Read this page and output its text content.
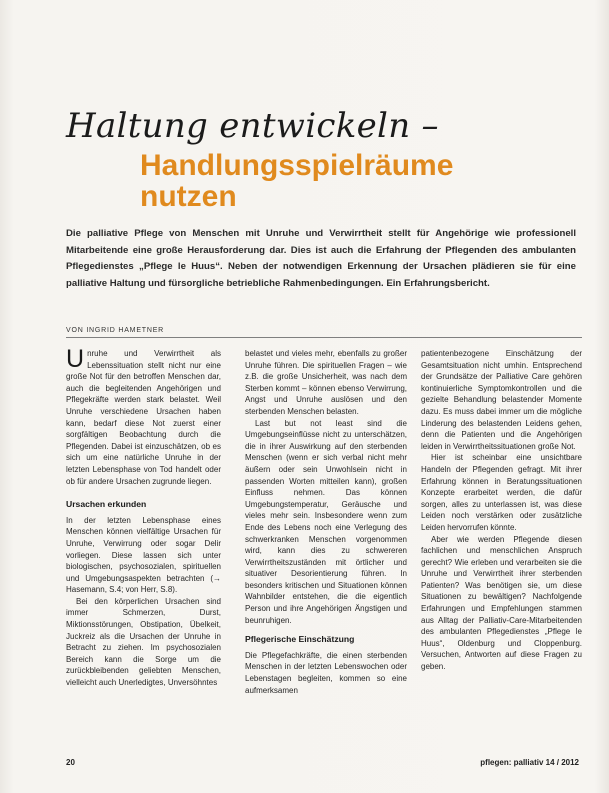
Haltung entwickeln –
Handlungsspielräume nutzen
Die palliative Pflege von Menschen mit Unruhe und Verwirrtheit stellt für Angehörige wie professionell Mitarbeitende eine große Herausforderung dar. Dies ist auch die Erfahrung der Pflegenden des ambulanten Pflegedienstes „Pflege le Huus“. Neben der notwendigen Erkennung der Ursachen plädieren sie für eine palliative Haltung und fürsorgliche betriebliche Rahmenbedingungen. Ein Erfahrungsbericht.
VON INGRID HAMETNER

Unruhe und Verwirrtheit als Lebenssituation stellt nicht nur eine große Not für den betroffen Menschen dar, auch die begleitenden Angehörigen und Pflegekräfte werden stark belastet. Weil Unruhe verschiedene Ursachen haben kann, bedarf diese Not zuerst einer sorgfältigen Beobachtung durch die Pflegenden. Dabei ist einzuschätzen, ob es sich um eine natürliche Unruhe in der letzten Lebensphase von Tod handelt oder ob für andere Ursachen zugrunde liegen.

Ursachen erkunden

In der letzten Lebensphase eines Menschen können vielfältige Ursachen für Unruhe, Verwirrung oder sogar Delir vorliegen. Diese lassen sich unter biologischen, psychosozialen, spirituellen und Umgebungsaspekten betrachten (→ Hasemann, S.4; von Herr, S.8).

Bei den körperlichen Ursachen sind immer Schmerzen, Durst, Miktionsstörungen, Obstipation, Übelkeit, Juckreiz als die Ursachen der Unruhe in Betracht zu ziehen. Im psychosozialen Bereich kann die Sorge um die zurückbleibenden geliebten Menschen, vielleicht auch Unerledigtes, Unversöhntes

belastet und vieles mehr, ebenfalls zu großer Unruhe führen. Die spirituellen Fragen – wie z.B. die große Unsicherheit, was nach dem Sterben kommt – können ebenso Verwirrung, Angst und Unruhe auslösen und den sterbenden Menschen belasten.

Last but not least sind die Umgebungseinflüsse nicht zu unterschätzen, die in ihrer Auswirkung auf den sterbenden Menschen (wenn er sich verbal nicht mehr äußern oder sein Unwohlsein nicht in passenden Worten mitteilen kann), großen Einfluss nehmen. Das können Umgebungstemperatur, Geräusche und vieles mehr sein. Insbesondere wenn zum Ende des Lebens noch eine Verlegung des schwerkranken Menschen vorgenommen wird, kann dies zu schwereren Verwirrtheitszuständen mit örtlicher und situativer Desorientierung führen. In besonders kritischen und Situationen können Wahnbilder entstehen, die die eigentlich Person und ihre Angehörigen Ängstigen und beunruhigen.

Pflegerische Einschätzung

Die Pflegefachkräfte, die einen sterbenden Menschen in der letzten Lebenswochen oder Lebenstagen begleiten, kommen so eine aufmerksamen

patientenbezogene Einschätzung der Gesamtsituation nicht umhin. Entsprechend der Grundsätze der Palliative Care gehören kontinuierliche Symptomkontrollen und die gezielte Behandlung belastender Momente dazu. Es muss dabei immer um die mögliche Linderung des belastenden Leidens gehen, denn die Patienten und die Angehörigen leiden in Verwirrtheitssituationen große Not.

Hier ist scheinbar eine unsichtbare Handeln der Pflegenden gefragt. Mit ihrer Erfahrung können in Beratungssituationen Konzepte erarbeitet werden, die dafür sorgen, alles zu unterlassen ist, was diese Leiden noch verstärken oder zusätzliche Leiden hervorrufen könnte.

Aber wie werden Pflegende diesen fachlichen und menschlichen Anspruch gerecht? Wie erleben und verarbeiten sie die Unruhe und Verwirrtheit ihrer sterbenden Patienten? Was benötigen sie, um diese Situationen zu bewältigen? Nachfolgende Erfahrungen und Empfehlungen stammen aus Alltag der Palliativ-Care-Mitarbeitenden des ambulanten Pflegedienstes „Pflege le Huus“, Oldenburg und Cloppenburg. Versuchen, Antworten auf diese Fragen zu geben.

20	pflegen: palliativ 14 / 2012
